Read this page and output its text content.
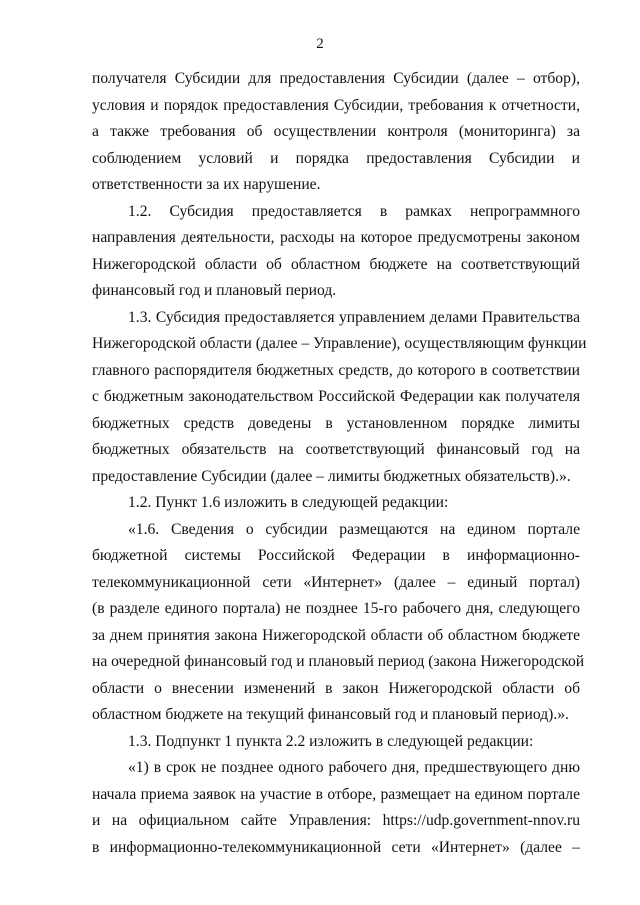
2
получателя Субсидии для предоставления Субсидии (далее – отбор),
условия и порядок предоставления Субсидии, требования к отчетности,
а также требования об осуществлении контроля (мониторинга) за
соблюдением условий и порядка предоставления Субсидии и
ответственности за их нарушение.
1.2. Субсидия предоставляется в рамках непрограммного
направления деятельности, расходы на которое предусмотрены законом
Нижегородской области об областном бюджете на соответствующий
финансовый год и плановый период.
1.3. Субсидия предоставляется управлением делами Правительства
Нижегородской области (далее – Управление), осуществляющим функции
главного распорядителя бюджетных средств, до которого в соответствии
с бюджетным законодательством Российской Федерации как получателя
бюджетных средств доведены в установленном порядке лимиты
бюджетных обязательств на соответствующий финансовый год на
предоставление Субсидии (далее – лимиты бюджетных обязательств).».
1.2. Пункт 1.6 изложить в следующей редакции:
«1.6. Сведения о субсидии размещаются на едином портале
бюджетной системы Российской Федерации в информационно-
телекоммуникационной сети «Интернет» (далее – единый портал)
(в разделе единого портала) не позднее 15-го рабочего дня, следующего
за днем принятия закона Нижегородской области об областном бюджете
на очередной финансовый год и плановый период (закона Нижегородской
области о внесении изменений в закон Нижегородской области об
областном бюджете на текущий финансовый год и плановый период).».
1.3. Подпункт 1 пункта 2.2 изложить в следующей редакции:
«1) в срок не позднее одного рабочего дня, предшествующего дню
начала приема заявок на участие в отборе, размещает на едином портале
и на официальном сайте Управления: https://udp.government-nnov.ru
в информационно-телекоммуникационной сети «Интернет» (далее –
